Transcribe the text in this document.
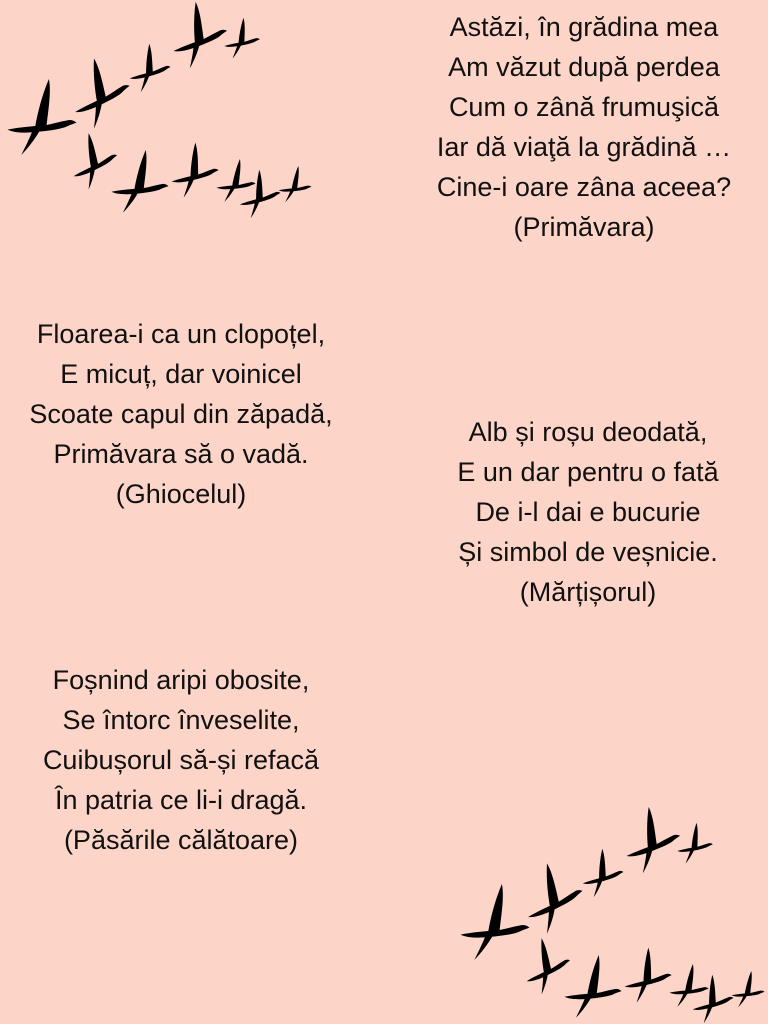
Astăzi, în grădina mea
Am văzut după perdea
Cum o zână frumuşică
Iar dă viaţă la grădină …
Cine-i oare zâna aceea?
(Primăvara)
Floarea-i ca un clopoțel,
E micuț, dar voinicel
Scoate capul din zăpadă,
Primăvara să o vadă.
(Ghiocelul)
Alb și roșu deodată,
E un dar pentru o fată
De i-l dai e bucurie
Și simbol de veșnicie.
(Mărțișorul)
Foșnind aripi obosite,
Se întorc înveselite,
Cuibușorul să-și refacă
În patria ce li-i dragă.
(Păsările călătoare)
